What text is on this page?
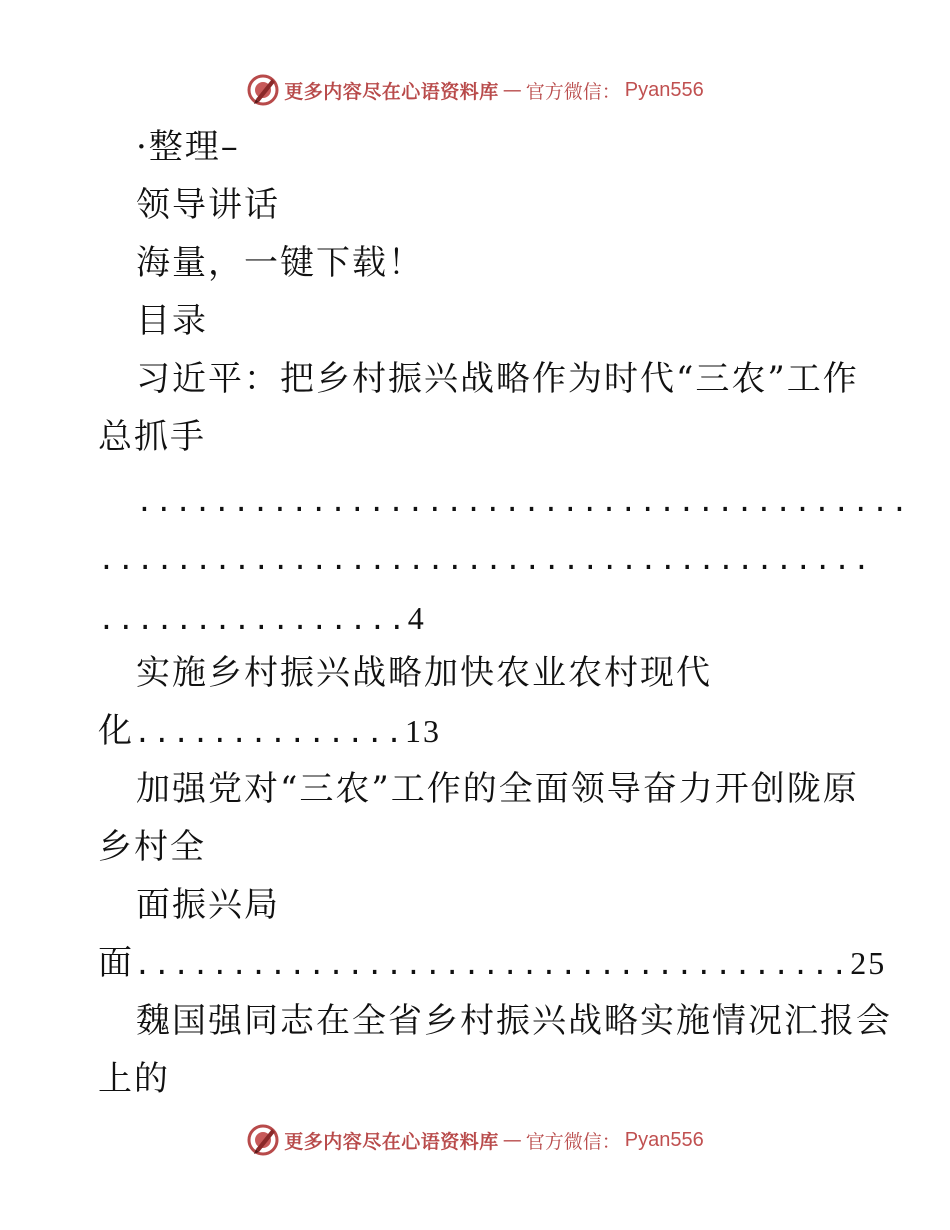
更多内容尽在心语资料库 — 官方微信： Pyan556
·整理–
领导讲话
海量，一键下载！
目录
习近平：把乡村振兴战略作为时代“三农”工作
总抓手
........................................
........................................
................4
实施乡村振兴战略加快农业农村现代
化..............13
加强党对“三农”工作的全面领导奋力开创陇原
乡村全
面振兴局
面.....................................25
魏国强同志在全省乡村振兴战略实施情况汇报会
上的
更多内容尽在心语资料库 — 官方微信： Pyan556
